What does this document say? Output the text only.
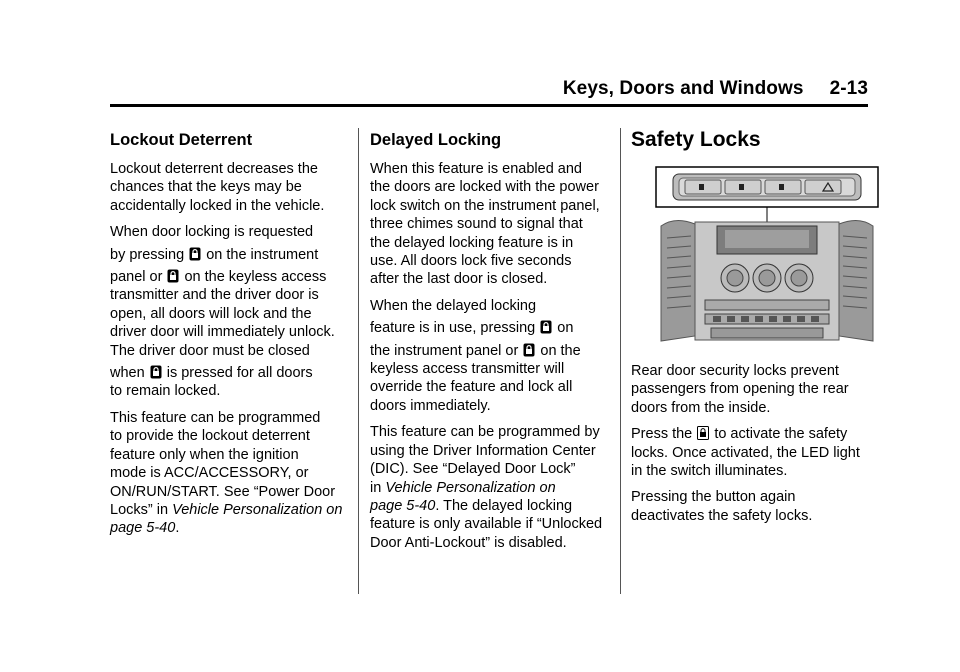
Keys, Doors and Windows 2-13
Lockout Deterrent

Lockout deterrent decreases the
chances that the keys may be
accidentally locked in the vehicle.

When door locking is requested
by pressing on the instrument
panel or on the keyless access
transmitter and the driver door is
open, all doors will lock and the
driver door will immediately unlock.
The driver door must be closed
when is pressed for all doors
to remain locked.

This feature can be programmed
to provide the lockout deterrent
feature only when the ignition
mode is ACC/ACCESSORY, or
ON/RUN/START. See “Power Door
Locks” in Vehicle Personalization on
page 5‑40.

Delayed Locking

When this feature is enabled and
the doors are locked with the power
lock switch on the instrument panel,
three chimes sound to signal that
the delayed locking feature is in
use. All doors lock five seconds
after the last door is closed.

When the delayed locking
feature is in use, pressing on
the instrument panel or on the
keyless access transmitter will
override the feature and lock all
doors immediately.

This feature can be programmed by
using the Driver Information Center
(DIC). See “Delayed Door Lock”
in Vehicle Personalization on
page 5‑40. The delayed locking
feature is only available if “Unlocked
Door Anti-Lockout” is disabled.

Safety Locks

Rear door security locks prevent
passengers from opening the rear
doors from the inside.

Press the to activate the safety
locks. Once activated, the LED light
in the switch illuminates.

Pressing the button again
deactivates the safety locks.
